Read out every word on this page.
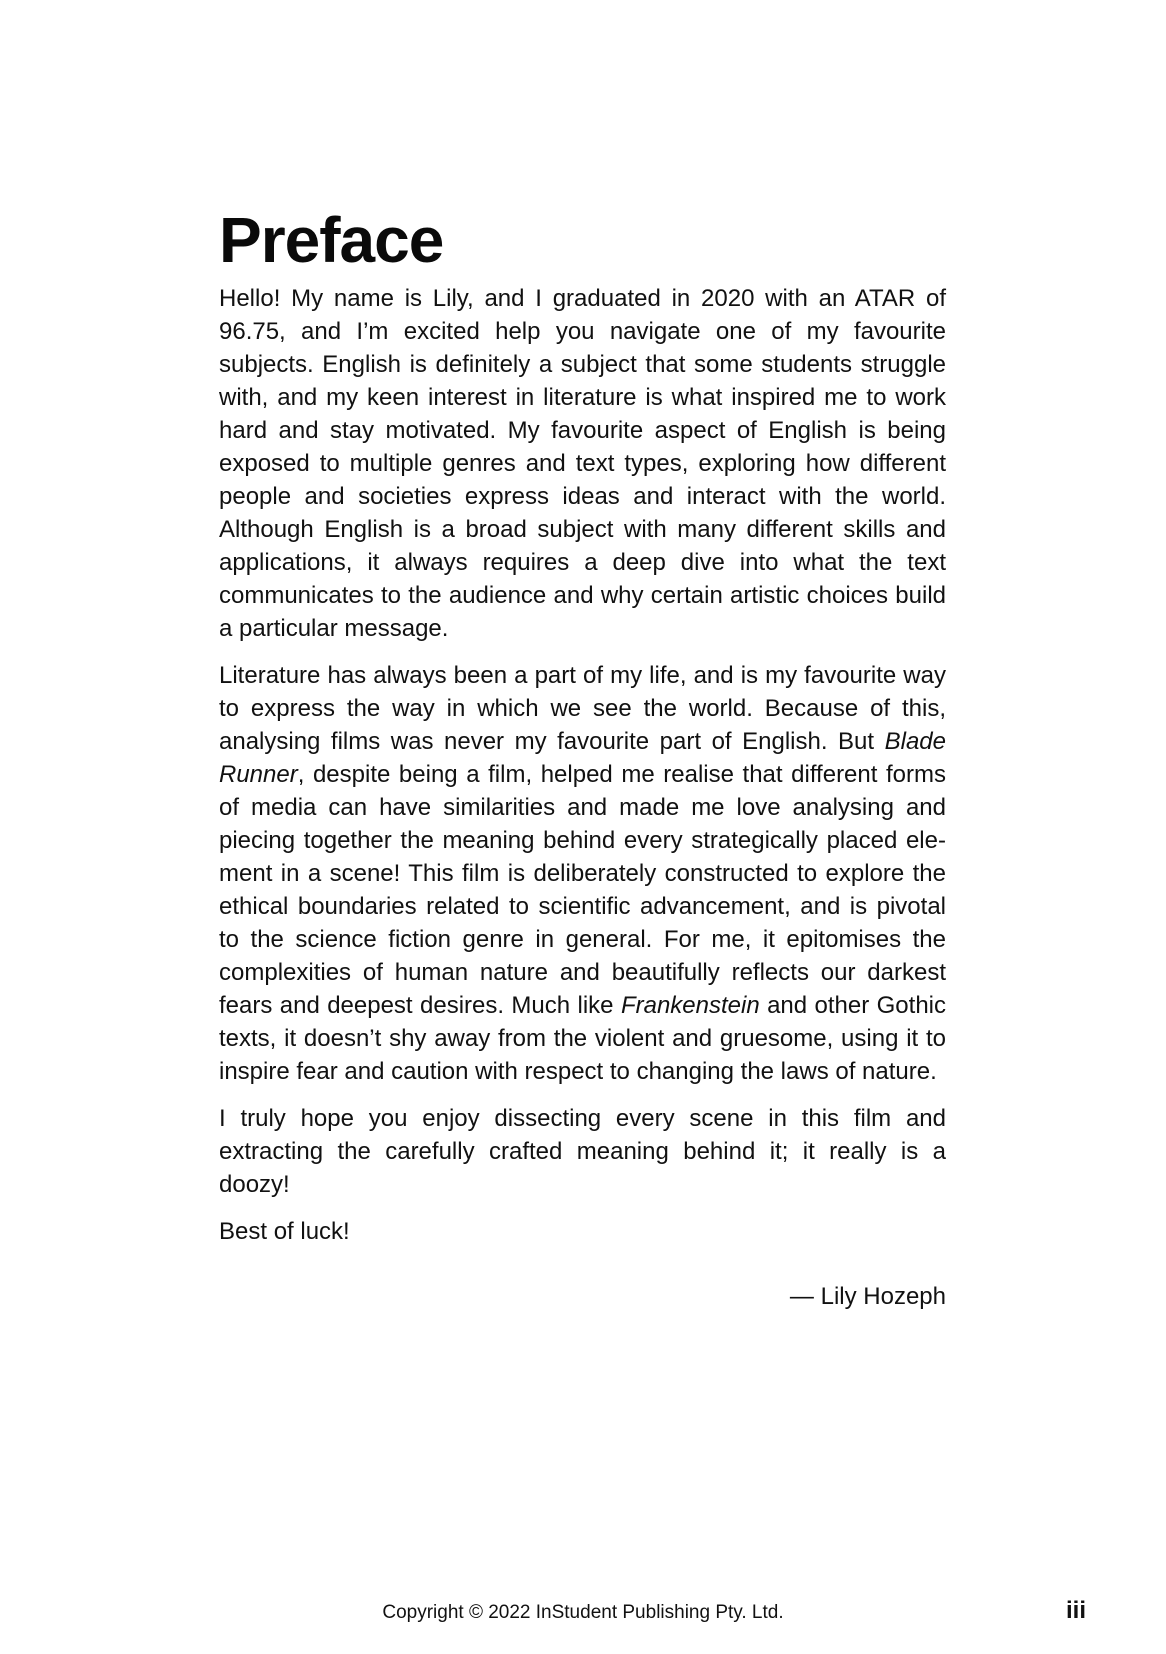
Preface

Hello! My name is Lily, and I graduated in 2020 with an ATAR of 96.75, and I’m excited help you navigate one of my favourite subjects. English is definitely a subject that some students struggle with, and my keen interest in literature is what inspired me to work hard and stay motivated. My favourite aspect of English is being exposed to multiple genres and text types, exploring how different people and societies express ideas and interact with the world. Although English is a broad subject with many different skills and applications, it always requires a deep dive into what the text communicates to the audience and why certain artistic choices build a particular message.

Literature has always been a part of my life, and is my favourite way to express the way in which we see the world. Because of this, analysing films was never my favourite part of English. But Blade Runner, despite being a film, helped me realise that different forms of media can have similarities and made me love analysing and piecing together the meaning behind every strategically placed element in a scene! This film is deliberately constructed to explore the ethical boundaries related to scientific advancement, and is pivotal to the science fiction genre in general. For me, it epitomises the complexities of human nature and beautifully reflects our darkest fears and deepest desires. Much like Frankenstein and other Gothic texts, it doesn’t shy away from the violent and gruesome, using it to inspire fear and caution with respect to changing the laws of nature.

I truly hope you enjoy dissecting every scene in this film and extracting the carefully crafted meaning behind it; it really is a doozy!

Best of luck!

— Lily Hozeph

Copyright © 2022 InStudent Publishing Pty. Ltd.	iii
